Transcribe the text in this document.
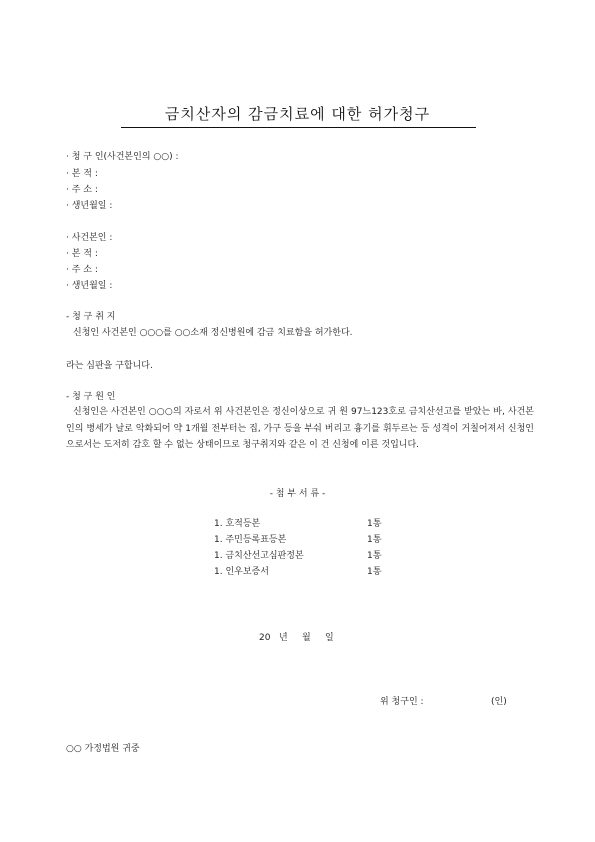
금치산자의 감금치료에 대한 허가청구
· 청 구 인(사건본인의 ○○) :
· 본 적 :
· 주 소 :
· 생년월일 :
· 사건본인 :
· 본 적 :
· 주 소 :
· 생년월일 :
- 청 구 취 지
신청인 사건본인 ○○○를 ○○소재 정신병원에 감금 치료함을 허가한다.
라는 심판을 구합니다.
- 청 구 원 인
신청인은 사건본인 ○○○의 자로서 위 사건본인은 정신이상으로 귀 원 97느123호로 금치산선고를 받았는 바, 사건본인의 병세가 날로 악화되어 약 1개월 전부터는 집, 가구 등을 부숴 버리고 흉기를 휘두르는 등 성격이 거칠어져서 신청인으로서는 도저히 감호 할 수 없는 상태이므로 청구취지와 같은 이 건 신청에 이른 것입니다.
- 첨 부 서 류 -
1. 호적등본	1통
1. 주민등록표등본	1통
1. 금치산선고심판정본	1통
1. 인우보증서	1통
20   년     월     일
위 청구인 :	(인)
○○ 가정법원 귀중
